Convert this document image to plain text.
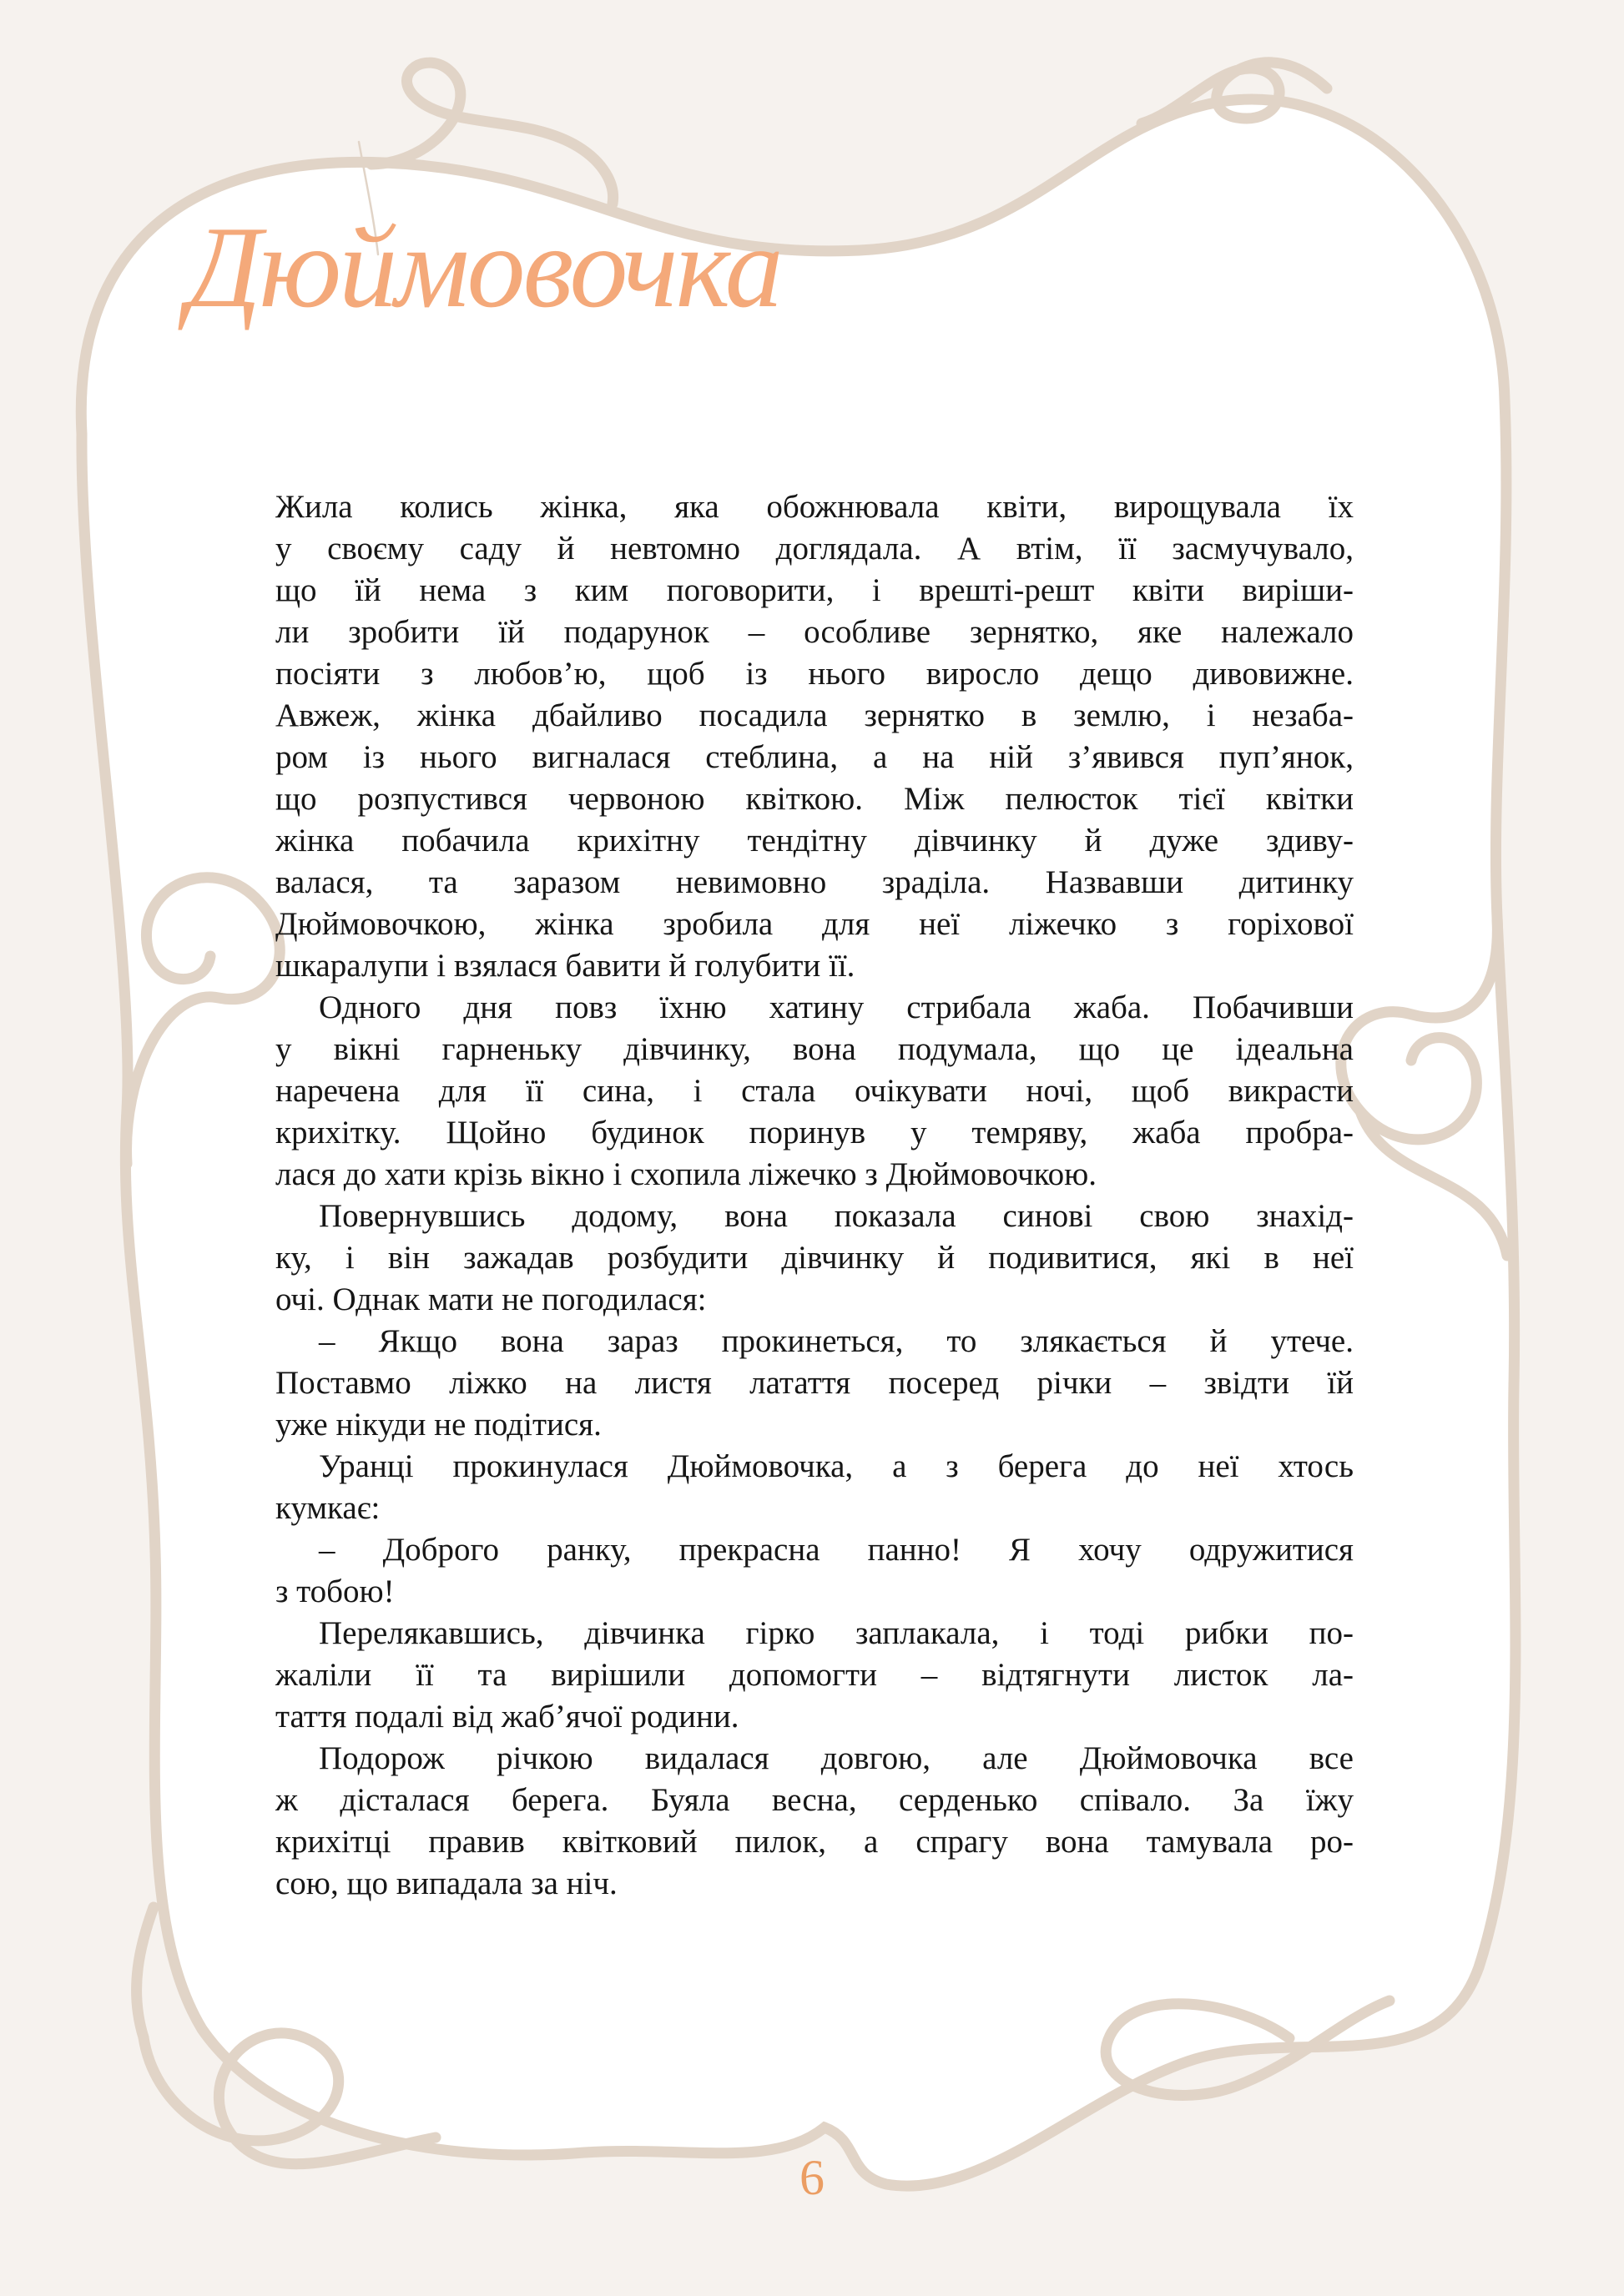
Дюймовочка
Жила колись жінка, яка обожнювала квіти, вирощувала їх
у своєму саду й невтомно доглядала. А втім, її засмучувало,
що їй нема з ким поговорити, і врешті-решт квіти виріши-
ли зробити їй подарунок – особливе зернятко, яке належало
посіяти з любов’ю, щоб із нього виросло дещо дивовижне.
Авжеж, жінка дбайливо посадила зернятко в землю, і незаба-
ром із нього вигналася стеблина, а на ній з’явився пуп’янок,
що розпустився червоною квіткою. Між пелюсток тієї квітки
жінка побачила крихітну тендітну дівчинку й дуже здиву-
валася, та заразом невимовно зраділа. Назвавши дитинку
Дюймовочкою, жінка зробила для неї ліжечко з горіхової
шкаралупи і взялася бавити й голубити її.
Одного дня повз їхню хатину стрибала жаба. Побачивши
у вікні гарненьку дівчинку, вона подумала, що це ідеальна
наречена для її сина, і стала очікувати ночі, щоб викрасти
крихітку. Щойно будинок поринув у темряву, жаба пробра-
лася до хати крізь вікно і схопила ліжечко з Дюймовочкою.
Повернувшись додому, вона показала синові свою знахід-
ку, і він зажадав розбудити дівчинку й подивитися, які в неї
очі. Однак мати не погодилася:
– Якщо вона зараз прокинеться, то злякається й утече.
Поставмо ліжко на листя латаття посеред річки – звідти їй
уже нікуди не подітися.
Уранці прокинулася Дюймовочка, а з берега до неї хтось
кумкає:
– Доброго ранку, прекрасна панно! Я хочу одружитися
з тобою!
Перелякавшись, дівчинка гірко заплакала, і тоді рибки по-
жаліли її та вирішили допомогти – відтягнути листок ла-
таття подалі від жаб’ячої родини.
Подорож річкою видалася довгою, але Дюймовочка все
ж дісталася берега. Буяла весна, серденько співало. За їжу
крихітці правив квітковий пилок, а спрагу вона тамувала ро-
сою, що випадала за ніч.
6
